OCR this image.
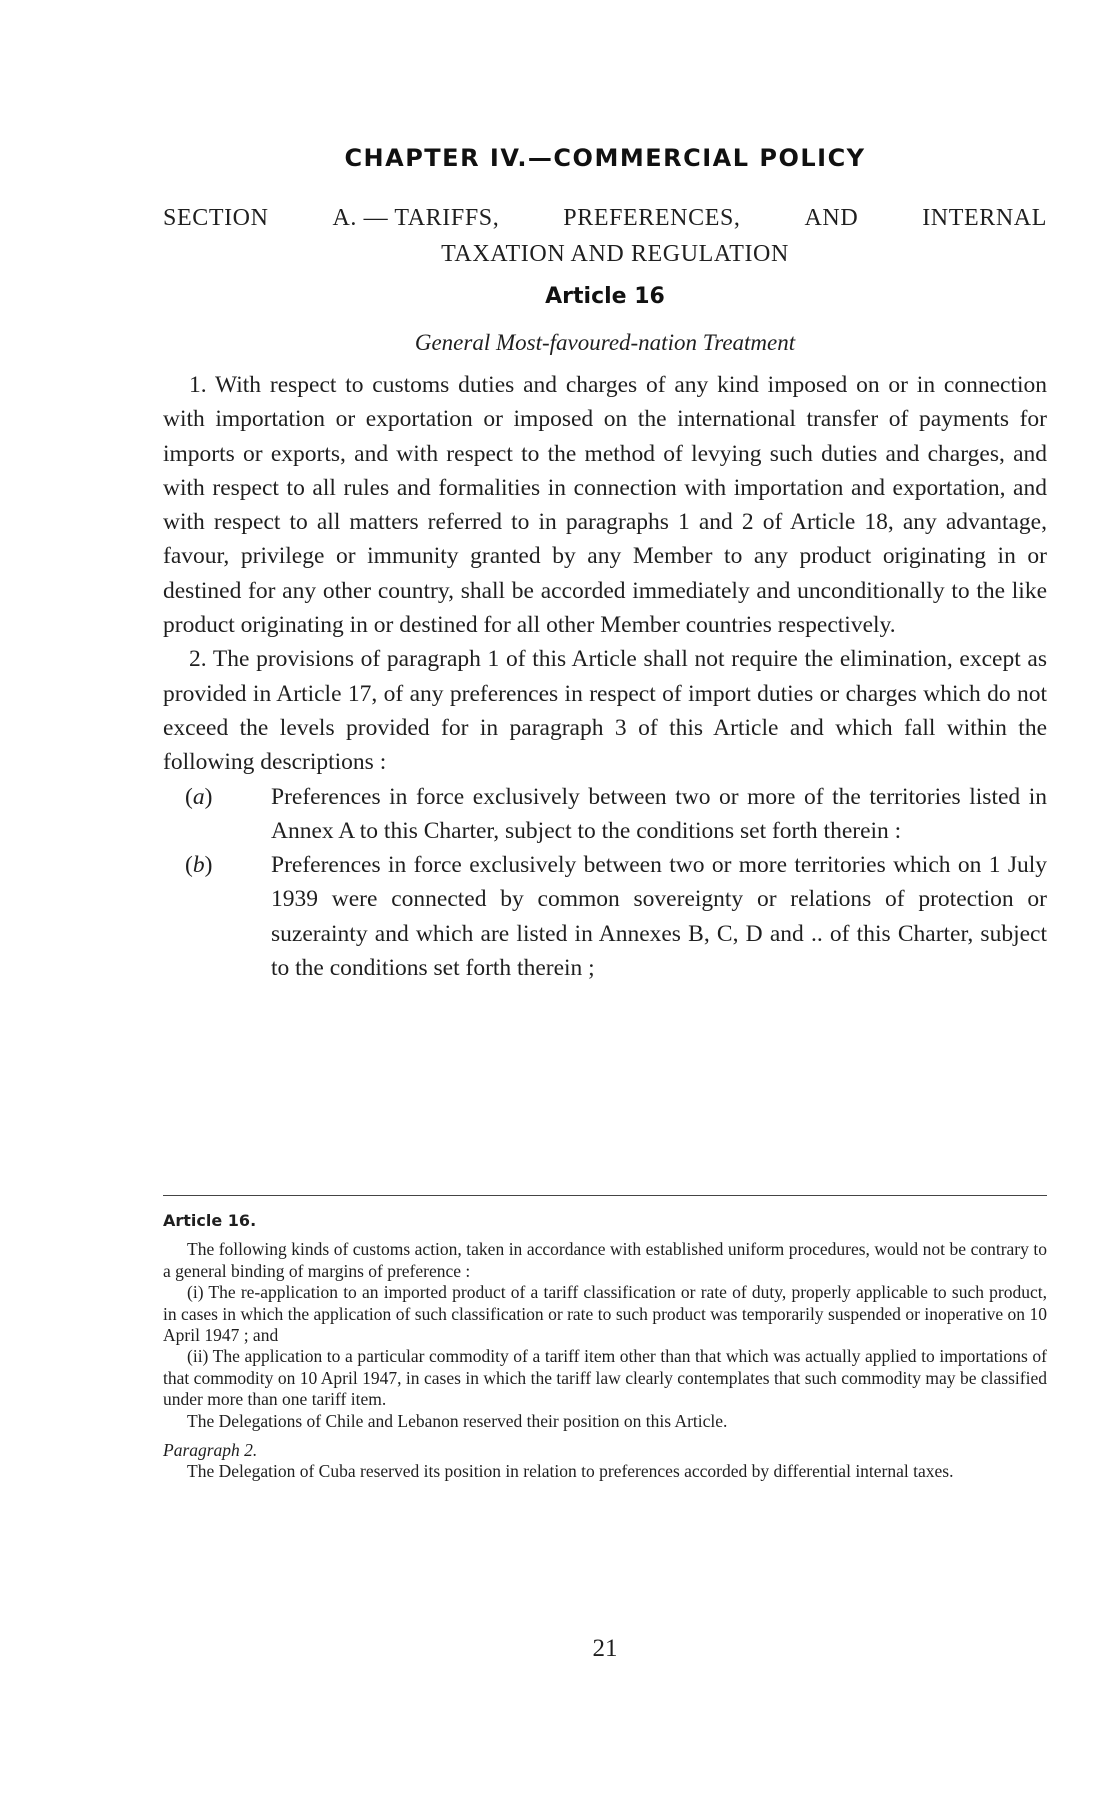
CHAPTER IV.—COMMERCIAL POLICY
SECTION	A. — TARIFFS,	PREFERENCES,	AND	INTERNAL
TAXATION AND REGULATION
Article 16
General Most-favoured-nation Treatment

1. With respect to customs duties and charges of any kind imposed on or in connection with importation or exportation or imposed on the international transfer of payments for imports or exports, and with respect to the method of levying such duties and charges, and with respect to all rules and formalities in connection with importation and exportation, and with respect to all matters referred to in paragraphs 1 and 2 of Article 18, any advantage, favour, privilege or immunity granted by any Member to any product originating in or destined for any other country, shall be accorded immediately and unconditionally to the like product originating in or destined for all other Member countries respectively.

2. The provisions of paragraph 1 of this Article shall not require the elimination, except as provided in Article 17, of any preferences in respect of import duties or charges which do not exceed the levels provided for in paragraph 3 of this Article and which fall within the following descriptions :

(a) Preferences in force exclusively between two or more of the territories listed in Annex A to this Charter, subject to the conditions set forth therein :
(b) Preferences in force exclusively between two or more territories which on 1 July 1939 were connected by common sovereignty or relations of protection or suzerainty and which are listed in Annexes B, C, D and .. of this Charter, subject to the conditions set forth therein ;

Article 16.

The following kinds of customs action, taken in accordance with established uniform procedures, would not be contrary to a general binding of margins of preference :

(i) The re-application to an imported product of a tariff classification or rate of duty, properly applicable to such product, in cases in which the application of such classification or rate to such product was temporarily suspended or inoperative on 10 April 1947 ; and

(ii) The application to a particular commodity of a tariff item other than that which was actually applied to importations of that commodity on 10 April 1947, in cases in which the tariff law clearly contemplates that such commodity may be classified under more than one tariff item.

The Delegations of Chile and Lebanon reserved their position on this Article.

Paragraph 2.

The Delegation of Cuba reserved its position in relation to preferences accorded by differential internal taxes.

21
